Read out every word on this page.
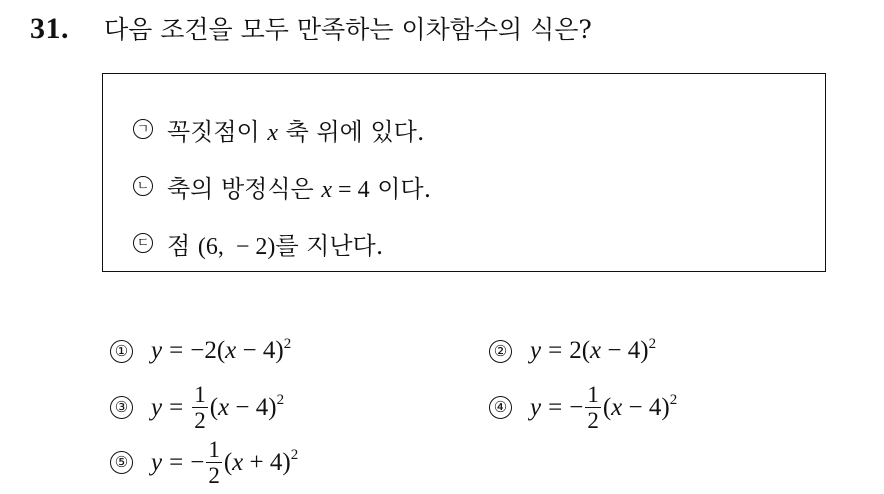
31. 다음 조건을 모두 만족하는 이차함수의 식은?
ㄱ 꼭짓점이 x 축 위에 있다.
ㄴ 축의 방정식은 x = 4 이다.
ㄷ 점 (6,  − 2)를 지난다.
① y = −2 ( x − 4)$^2$	② y = 2 ( x − 4)$^2$
③ $y = \frac{1}{2}$ ( x − 4)$^2$	④ y = − $\frac{1}{2}$ ( x − 4)$^2$
⑤ y = − $\frac{1}{2}$ ( x + 4)$^2$
